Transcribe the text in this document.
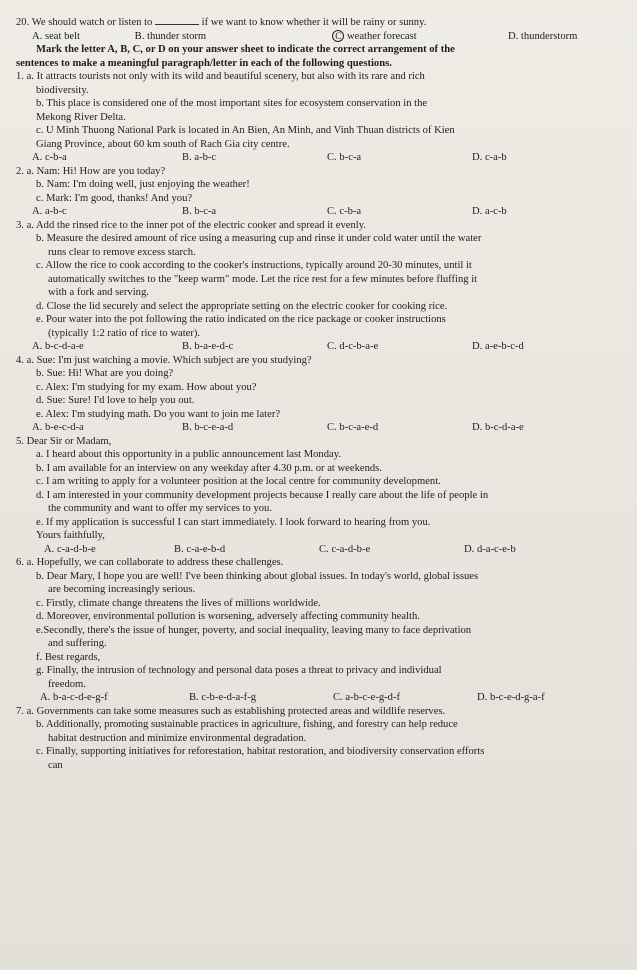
20. We should watch or listen to	if we want to know whether it will be rainy or sunny.
A. seat belt	B. thunder storm	C weather forecast	D. thunderstorm
Mark the letter A, B, C, or D on your answer sheet to indicate the correct arrangement of the
sentences to make a meaningful paragraph/letter in each of the following questions.
1. a. It attracts tourists not only with its wild and beautiful scenery, but also with its rare and rich
biodiversity.
b. This place is considered one of the most important sites for ecosystem conservation in the
Mekong River Delta.
c. U Minh Thuong National Park is located in An Bien, An Minh, and Vinh Thuan districts of Kien
Giang Province, about 60 km south of Rach Gia city centre.
A. c-b-a	B. a-b-c	C. b-c-a	D. c-a-b
2. a. Nam: Hi! How are you today?
b. Nam: I'm doing well, just enjoying the weather!
c. Mark: I'm good, thanks! And you?
A. a-b-c	B. b-c-a	C. c-b-a	D. a-c-b
3. a. Add the rinsed rice to the inner pot of the electric cooker and spread it evenly.
b. Measure the desired amount of rice using a measuring cup and rinse it under cold water until the water
runs clear to remove excess starch.
c. Allow the rice to cook according to the cooker's instructions, typically around 20-30 minutes, until it
automatically switches to the "keep warm" mode. Let the rice rest for a few minutes before fluffing it
with a fork and serving.
d. Close the lid securely and select the appropriate setting on the electric cooker for cooking rice.
e. Pour water into the pot following the ratio indicated on the rice package or cooker instructions
(typically 1:2 ratio of rice to water).
A. b-c-d-a-e	B. b-a-e-d-c	C. d-c-b-a-e	D. a-e-b-c-d
4. a. Sue: I'm just watching a movie. Which subject are you studying?
b. Sue: Hi! What are you doing?
c. Alex: I'm studying for my exam. How about you?
d. Sue: Sure! I'd love to help you out.
e. Alex: I'm studying math. Do you want to join me later?
A. b-e-c-d-a	B. b-c-e-a-d	C. b-c-a-e-d	D. b-c-d-a-e
5. Dear Sir or Madam,
a. I heard about this opportunity in a public announcement last Monday.
b. I am available for an interview on any weekday after 4.30 p.m. or at weekends.
c. I am writing to apply for a volunteer position at the local centre for community development.
d. I am interested in your community development projects because I really care about the life of people in
the community and want to offer my services to you.
e. If my application is successful I can start immediately. I look forward to hearing from you.
Yours faithfully,
A. c-a-d-b-e	B. c-a-e-b-d	C. c-a-d-b-e	D. d-a-c-e-b
6. a. Hopefully, we can collaborate to address these challenges.
b. Dear Mary, I hope you are well! I've been thinking about global issues. In today's world, global issues
are becoming increasingly serious.
c. Firstly, climate change threatens the lives of millions worldwide.
d. Moreover, environmental pollution is worsening, adversely affecting community health.
e.Secondly, there's the issue of hunger, poverty, and social inequality, leaving many to face deprivation
and suffering.
f. Best regards,
g. Finally, the intrusion of technology and personal data poses a threat to privacy and individual
freedom.
A. b-a-c-d-e-g-f	B. c-b-e-d-a-f-g	C. a-b-c-e-g-d-f	D. b-c-e-d-g-a-f
7. a. Governments can take some measures such as establishing protected areas and wildlife reserves.
b. Additionally, promoting sustainable practices in agriculture, fishing, and forestry can help reduce
habitat destruction and minimize environmental degradation.
c. Finally, supporting initiatives for reforestation, habitat restoration, and biodiversity conservation efforts
can
